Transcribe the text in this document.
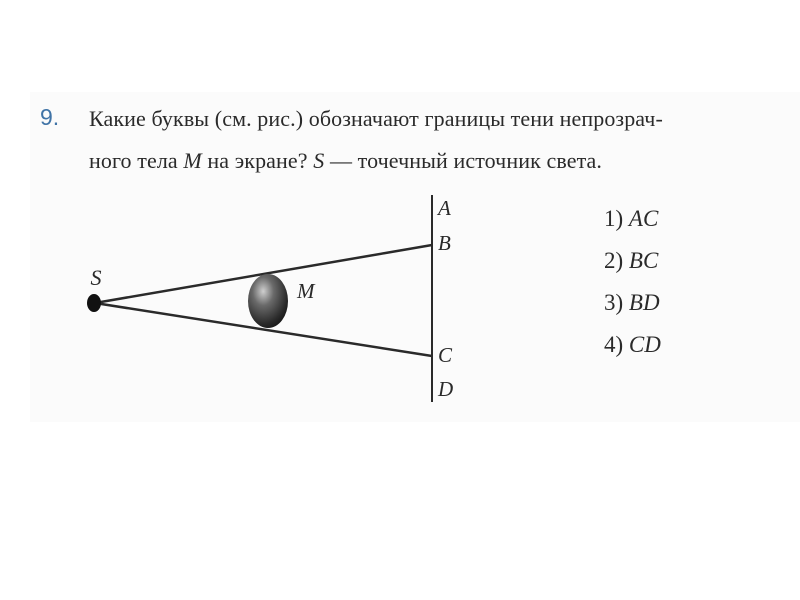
9. Какие буквы (см. рис.) обозначают границы тени непрозрач-
ного тела M на экране? S — точечный источник света.
S
M
A
B
C
D
1) AC
2) BC
3) BD
4) CD
